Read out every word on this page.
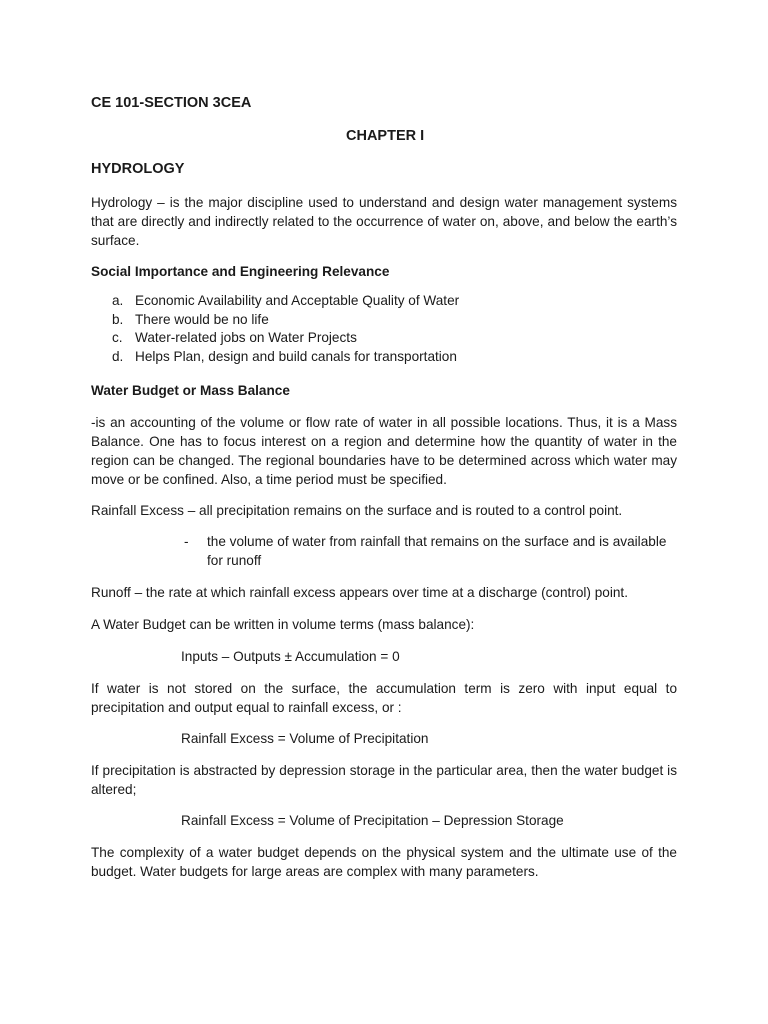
CE 101-SECTION 3CEA

CHAPTER I

HYDROLOGY

Hydrology – is the major discipline used to understand and design water management systems that are directly and indirectly related to the occurrence of water on, above, and below the earth’s surface.

Social Importance and Engineering Relevance

a. Economic Availability and Acceptable Quality of Water
b. There would be no life
c. Water-related jobs on Water Projects
d. Helps Plan, design and build canals for transportation

Water Budget or Mass Balance

-is an accounting of the volume or flow rate of water in all possible locations. Thus, it is a Mass Balance. One has to focus interest on a region and determine how the quantity of water in the region can be changed. The regional boundaries have to be determined across which water may move or be confined. Also, a time period must be specified.

Rainfall Excess – all precipitation remains on the surface and is routed to a control point.

- the volume of water from rainfall that remains on the surface and is available for runoff

Runoff – the rate at which rainfall excess appears over time at a discharge (control) point.

A Water Budget can be written in volume terms (mass balance):

Inputs – Outputs ± Accumulation = 0

If water is not stored on the surface, the accumulation term is zero with input equal to precipitation and output equal to rainfall excess, or :

Rainfall Excess = Volume of Precipitation

If precipitation is abstracted by depression storage in the particular area, then the water budget is altered;

Rainfall Excess = Volume of Precipitation – Depression Storage

The complexity of a water budget depends on the physical system and the ultimate use of the budget. Water budgets for large areas are complex with many parameters.
